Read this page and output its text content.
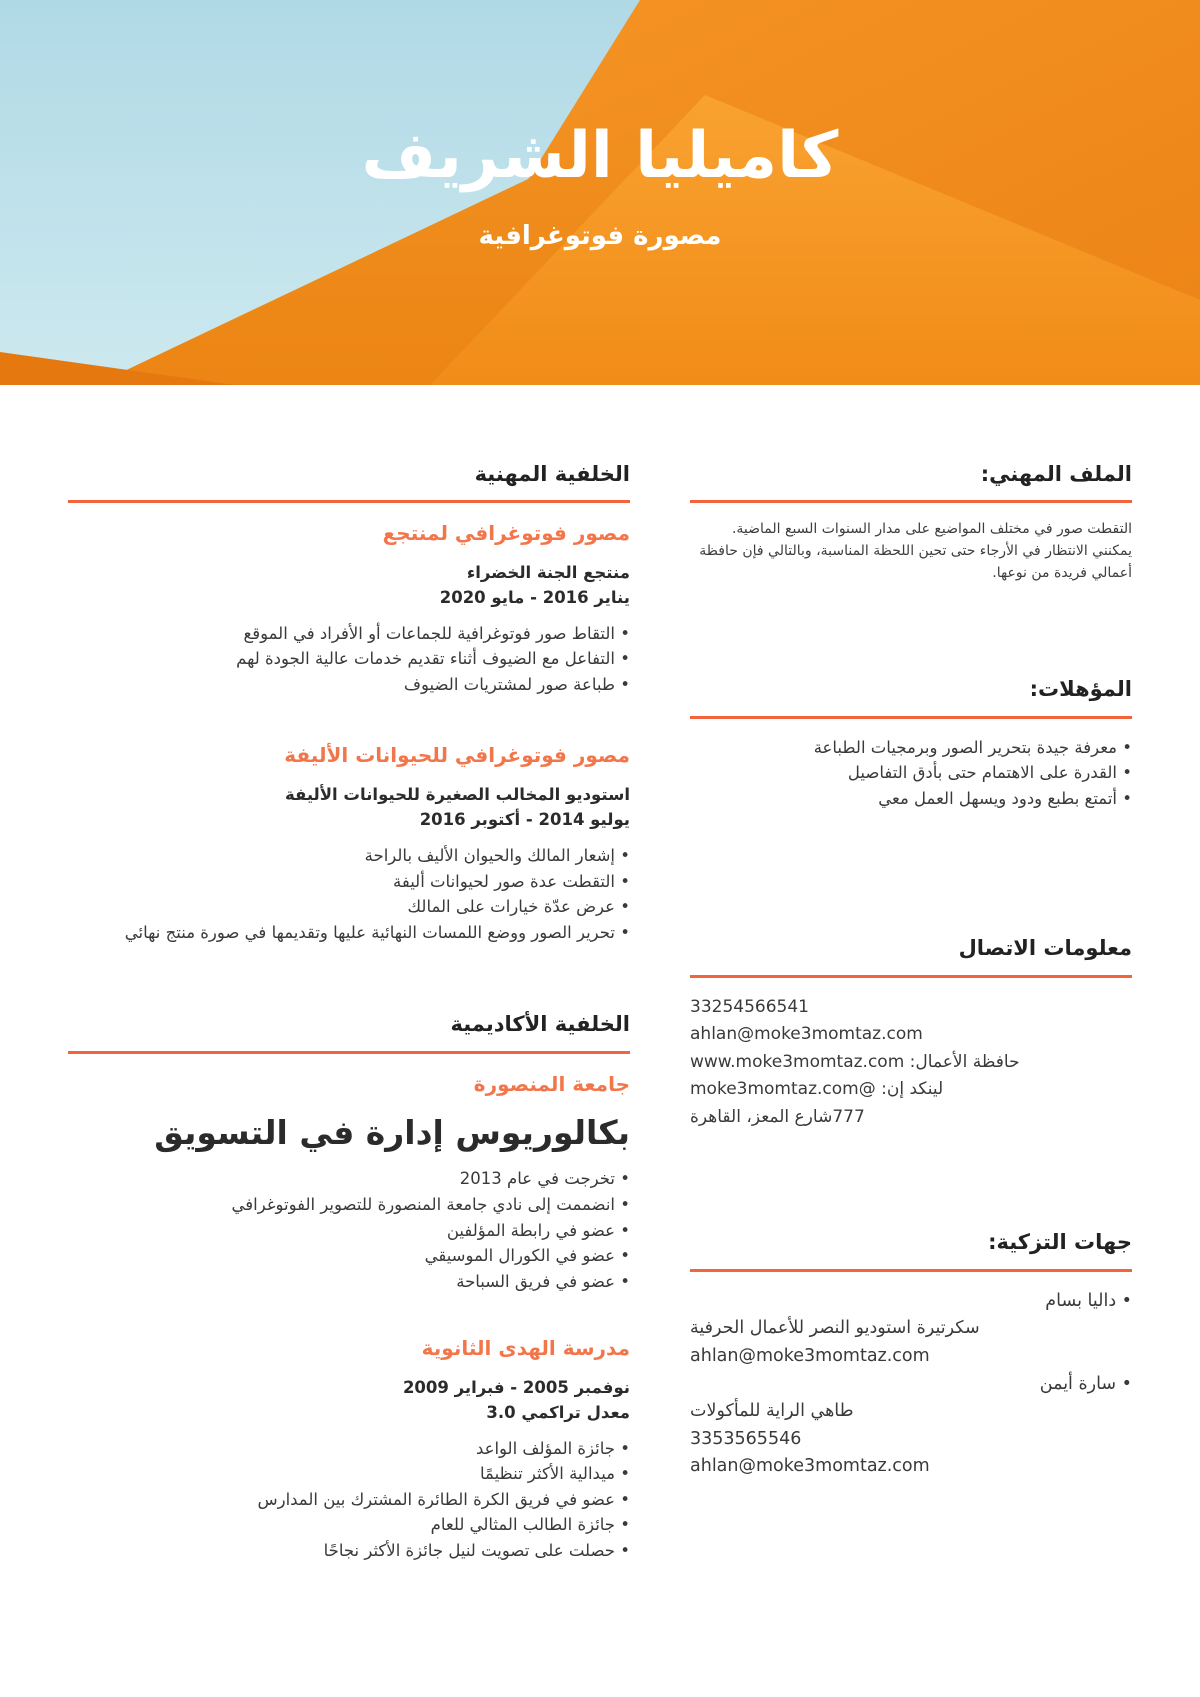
كاميليا الشريف
مصورة فوتوغرافية
الملف المهني:
التقطت صور في مختلف المواضيع على مدار السنوات السبع الماضية. يمكنني الانتظار في الأرجاء حتى تحين اللحظة المناسبة، وبالتالي فإن حافظة أعمالي فريدة من نوعها.
المؤهلات:
• معرفة جيدة بتحرير الصور وبرمجيات الطباعة
• القدرة على الاهتمام حتى بأدق التفاصيل
• أتمتع بطبع ودود ويسهل العمل معي
معلومات الاتصال
33254566541
ahlan@moke3momtaz.com
حافظة الأعمال: www.moke3momtaz.com
لينكد إن: @moke3momtaz.com
777شارع المعز، القاهرة
جهات التزكية:
• داليا بسام
سكرتيرة استوديو النصر للأعمال الحرفية
ahlan@moke3momtaz.com
• سارة أيمن
طاهي الراية للمأكولات
3353565546
ahlan@moke3momtaz.com
الخلفية المهنية
مصور فوتوغرافي لمنتجع
منتجع الجنة الخضراء
يناير 2016 - مايو 2020
• التقاط صور فوتوغرافية للجماعات أو الأفراد في الموقع
• التفاعل مع الضيوف أثناء تقديم خدمات عالية الجودة لهم
• طباعة صور لمشتريات الضيوف
مصور فوتوغرافي للحيوانات الأليفة
استوديو المخالب الصغيرة للحيوانات الأليفة
يوليو 2014 - أكتوبر 2016
• إشعار المالك والحيوان الأليف بالراحة
• التقطت عدة صور لحيوانات أليفة
• عرض عدّة خيارات على المالك
• تحرير الصور ووضع اللمسات النهائية عليها وتقديمها في صورة منتج نهائي
الخلفية الأكاديمية
جامعة المنصورة
بكالوريوس إدارة في التسويق
• تخرجت في عام 2013
• انضممت إلى نادي جامعة المنصورة للتصوير الفوتوغرافي
• عضو في رابطة المؤلفين
• عضو في الكورال الموسيقي
• عضو في فريق السباحة
مدرسة الهدى الثانوية
نوفمبر 2005 - فبراير 2009
معدل تراكمي 3.0
• جائزة المؤلف الواعد
• ميدالية الأكثر تنظيمًا
• عضو في فريق الكرة الطائرة المشترك بين المدارس
• جائزة الطالب المثالي للعام
• حصلت على تصويت لنيل جائزة الأكثر نجاحًا
